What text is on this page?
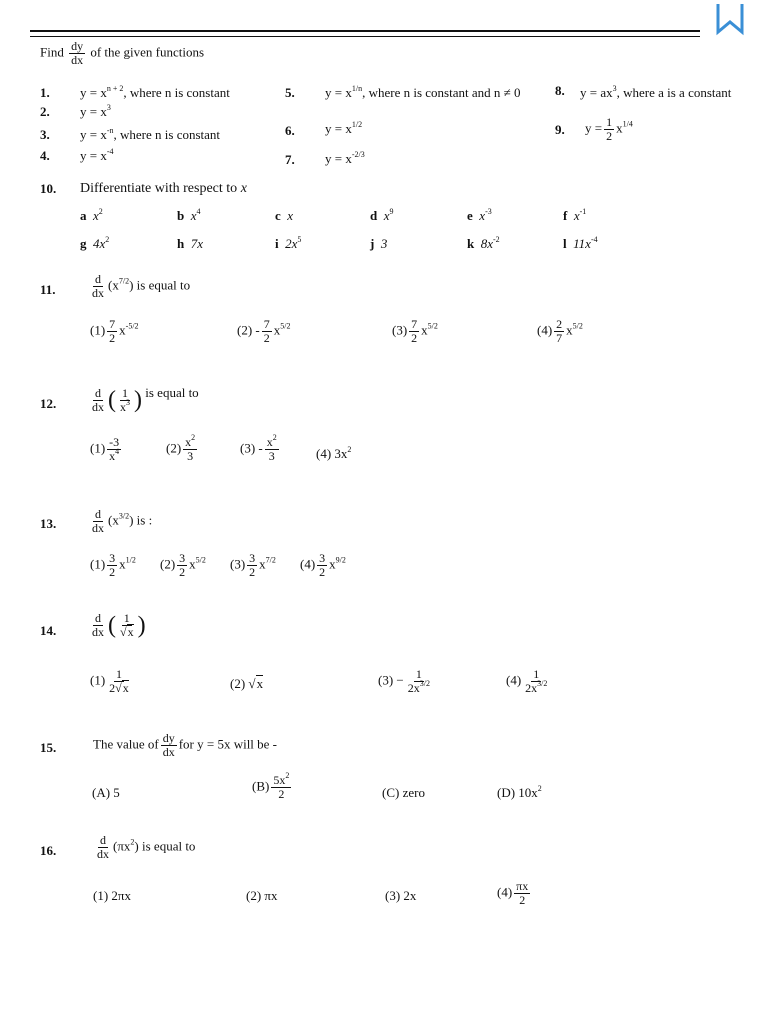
Find $\frac{dy}{dx}$ of the given functions
1. $y = x^{n + 2}$, where n is constant
2. $y = x^3$
3. $y = x^{-n}$, where n is constant
4. $y = x^{-4}$
5. $y = x^{1/n}$, where n is constant and n ≠ 0
6. $y = x^{1/2}$
7. $y = x^{-2/3}$
8. $y = ax^3$, where a is a constant
9. $y = \frac{1}{2} x^{1/4}$
10. Differentiate with respect to x
a $x^2$	b $x^4$	c x	d $x^9$	e $x^{-3}$	f $x^{-1}$
g $4x^2$	h 7x	i $2x^5$	j 3	k $8x^{-2}$	l $11x^{-4}$
11.	$\frac{d}{dx} (x^{7/2})$ is equal to
$(1) \frac{7}{2} x^{-5/2}$	$(2) - \frac{7}{2} x^{5/2}$	$(3) \frac{7}{2} x^{5/2}$	$(4) \frac{2}{7} x^{5/2}$
12.	$\frac{d}{dx}$ ( $\frac{1}{x^3}$ ) is equal to
$(1) \frac{-3}{x^4}$	$(2) \frac{x^2}{3}$	$(3) - \frac{x^2}{3}$	(4) $3x^2$
13.	$\frac{d}{dx} (x^{3/2})$ is :
$(1) \frac{3}{2} x^{1/2}$ $(2) \frac{3}{2} x^{5/2}$ $(3) \frac{3}{2} x^{7/2}$ $(4) \frac{3}{2} x^{9/2}$
14.	$\frac{d}{dx}$ ( $\frac{1}{√x}$ )
$(1) \frac{1}{2√x}$	(2) √x	$(3) - \frac{1}{2x^{3/2}}$	$(4) \frac{1}{2x^{3/2}}$
15.	The value of $\frac{dy}{dx}$ for y = 5x will be -
(A) 5	$(B) \frac{5x^2}{2}$	(C) zero	(D) $10x^2$
16.	$\frac{d}{dx} (\pi x^2)$ is equal to
(1) 2πx	(2) πx	(3) 2x	$(4) \frac{\pi x}{2}$
